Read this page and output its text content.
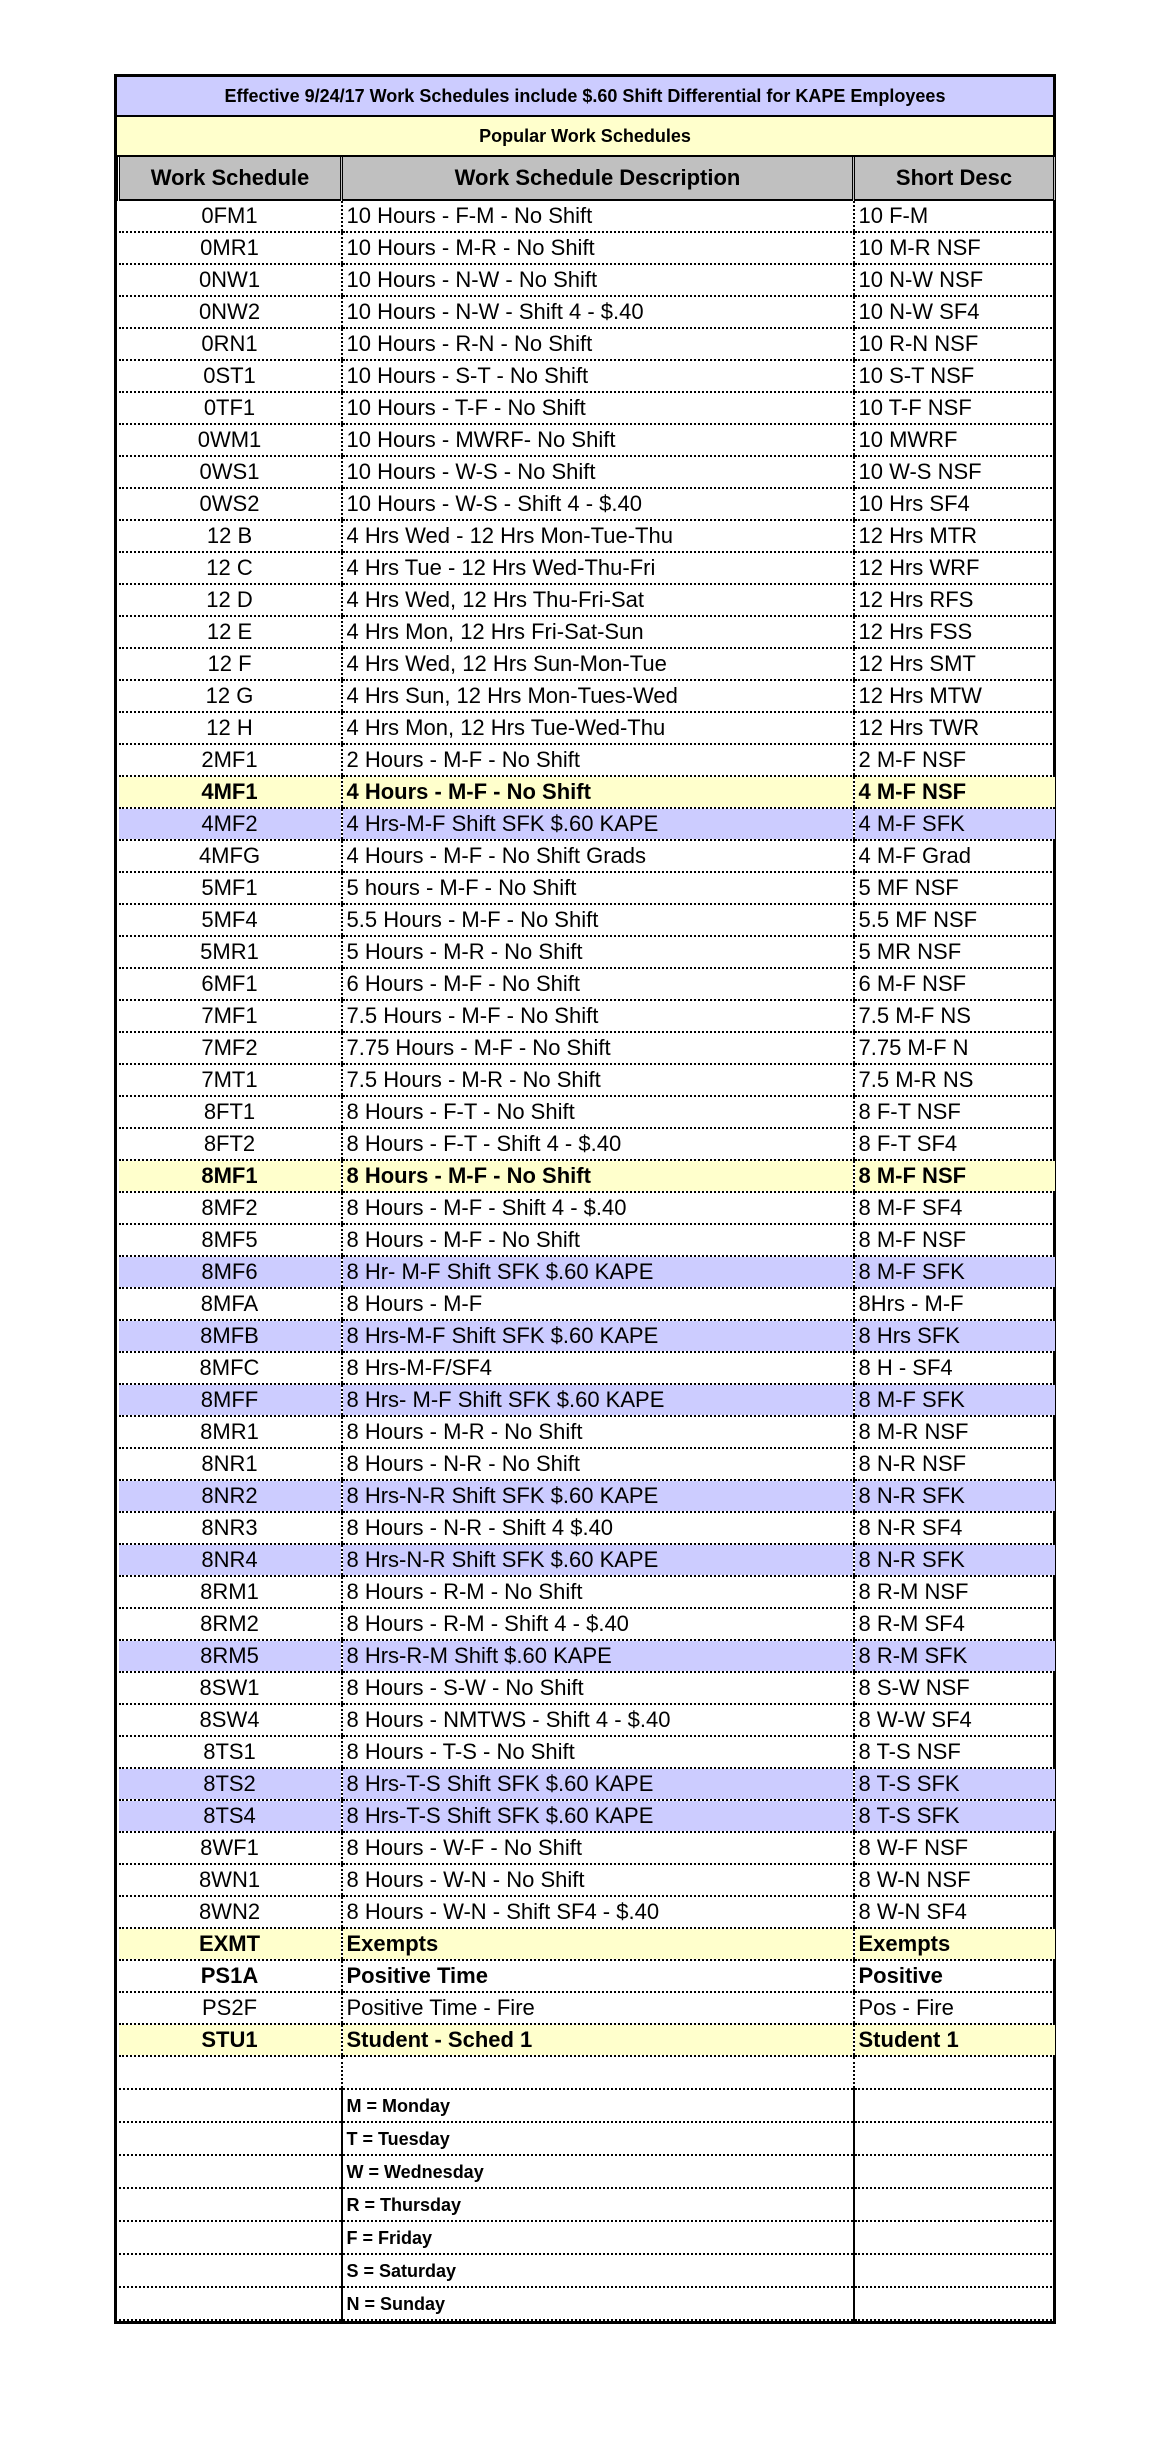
Effective 9/24/17 Work Schedules include $.60 Shift Differential for KAPE Employees
Popular Work Schedules
Work Schedule	Work Schedule Description	Short Desc
0FM1	10 Hours - F-M - No Shift	10 F-M
0MR1	10 Hours - M-R - No Shift	10 M-R NSF
0NW1	10 Hours - N-W - No Shift	10 N-W NSF
0NW2	10 Hours - N-W - Shift 4 - $.40	10 N-W SF4
0RN1	10 Hours - R-N - No Shift	10 R-N NSF
0ST1	10 Hours - S-T - No Shift	10 S-T NSF
0TF1	10 Hours - T-F - No Shift	10 T-F NSF
0WM1	10 Hours - MWRF- No Shift	10 MWRF
0WS1	10 Hours - W-S - No Shift	10 W-S NSF
0WS2	10 Hours - W-S - Shift 4 - $.40	10 Hrs SF4
12 B	4 Hrs Wed - 12 Hrs Mon-Tue-Thu	12 Hrs MTR
12 C	4 Hrs Tue - 12 Hrs Wed-Thu-Fri	12 Hrs WRF
12 D	4 Hrs Wed, 12 Hrs Thu-Fri-Sat	12 Hrs RFS
12 E	4 Hrs Mon, 12 Hrs Fri-Sat-Sun	12 Hrs FSS
12 F	4 Hrs Wed, 12 Hrs Sun-Mon-Tue	12 Hrs SMT
12 G	4 Hrs Sun, 12 Hrs Mon-Tues-Wed	12 Hrs MTW
12 H	4 Hrs Mon, 12 Hrs Tue-Wed-Thu	12 Hrs TWR
2MF1	2 Hours - M-F - No Shift	2 M-F NSF
4MF1	4 Hours - M-F - No Shift	4 M-F NSF
4MF2	4 Hrs-M-F Shift SFK $.60 KAPE	4 M-F SFK
4MFG	4 Hours - M-F - No Shift Grads	4 M-F Grad
5MF1	5 hours - M-F - No Shift	5 MF NSF
5MF4	5.5 Hours - M-F - No Shift	5.5 MF NSF
5MR1	5 Hours - M-R - No Shift	5 MR NSF
6MF1	6 Hours - M-F - No Shift	6 M-F NSF
7MF1	7.5 Hours - M-F - No Shift	7.5 M-F NS
7MF2	7.75 Hours - M-F - No Shift	7.75 M-F N
7MT1	7.5 Hours - M-R - No Shift	7.5 M-R NS
8FT1	8 Hours - F-T - No Shift	8 F-T NSF
8FT2	8 Hours - F-T - Shift 4 - $.40	8 F-T SF4
8MF1	8 Hours - M-F - No Shift	8 M-F NSF
8MF2	8 Hours - M-F - Shift 4 - $.40	8 M-F SF4
8MF5	8 Hours - M-F - No Shift	8 M-F NSF
8MF6	8 Hr- M-F Shift SFK $.60 KAPE	8 M-F SFK
8MFA	8 Hours - M-F	8Hrs - M-F
8MFB	8 Hrs-M-F Shift SFK $.60 KAPE	8 Hrs SFK
8MFC	8 Hrs-M-F/SF4	8 H - SF4
8MFF	8 Hrs- M-F Shift SFK $.60 KAPE	8 M-F SFK
8MR1	8 Hours - M-R - No Shift	8 M-R NSF
8NR1	8 Hours - N-R - No Shift	8 N-R NSF
8NR2	8 Hrs-N-R Shift SFK $.60 KAPE	8 N-R SFK
8NR3	8 Hours - N-R - Shift 4 $.40	8 N-R SF4
8NR4	8 Hrs-N-R Shift SFK $.60 KAPE	8 N-R SFK
8RM1	8 Hours - R-M - No Shift	8 R-M NSF
8RM2	8 Hours - R-M - Shift 4 - $.40	8 R-M SF4
8RM5	8 Hrs-R-M Shift $.60 KAPE	8 R-M SFK
8SW1	8 Hours - S-W - No Shift	8 S-W NSF
8SW4	8 Hours - NMTWS - Shift 4 - $.40	8 W-W SF4
8TS1	8 Hours - T-S - No Shift	8 T-S NSF
8TS2	8 Hrs-T-S Shift SFK $.60 KAPE	8 T-S SFK
8TS4	8 Hrs-T-S Shift SFK $.60 KAPE	8 T-S SFK
8WF1	8 Hours - W-F - No Shift	8 W-F NSF
8WN1	8 Hours - W-N - No Shift	8 W-N NSF
8WN2	8 Hours - W-N - Shift SF4 - $.40	8 W-N SF4
EXMT	Exempts	Exempts
PS1A	Positive Time	Positive
PS2F	Positive Time - Fire	Pos - Fire
STU1	Student - Sched 1	Student 1

	M = Monday	
	T = Tuesday	
	W = Wednesday	
	R = Thursday	
	F = Friday	
	S = Saturday	
	N = Sunday	
